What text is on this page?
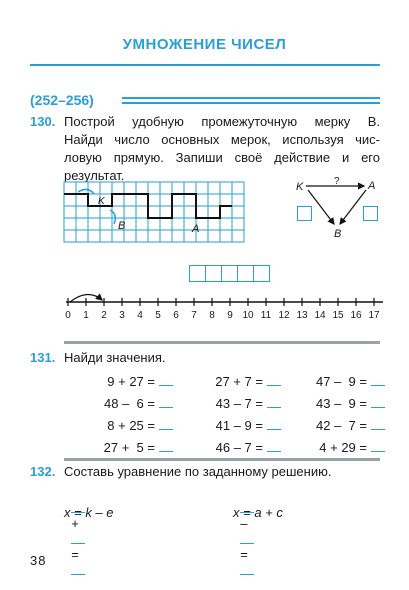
УМНОЖЕНИЕ ЧИСЕЛ
(252–256)
130. Построй удобную промежуточную мерку B.
Найди число основных мерок, используя чис-
ловую прямую. Запиши своё действие и его
результат.
K
B	A
K	A
B
?
0	1	2	3	4	5	6	7	8	9 10 11 12 13 14 15 16 17
131. Найди значения.
9 + 27 =	27 + 7 =	47 –  9 =
48 –  6 =	43 – 7 =	43 –  9 =
8 + 25 =	41 – 9 =	42 –  7 =
27 +  5 =	46 – 7 =	4 + 29 =
132. Составь уравнение по заданному решению.

+

=

x = k – e

–

=

x = a + c
38
